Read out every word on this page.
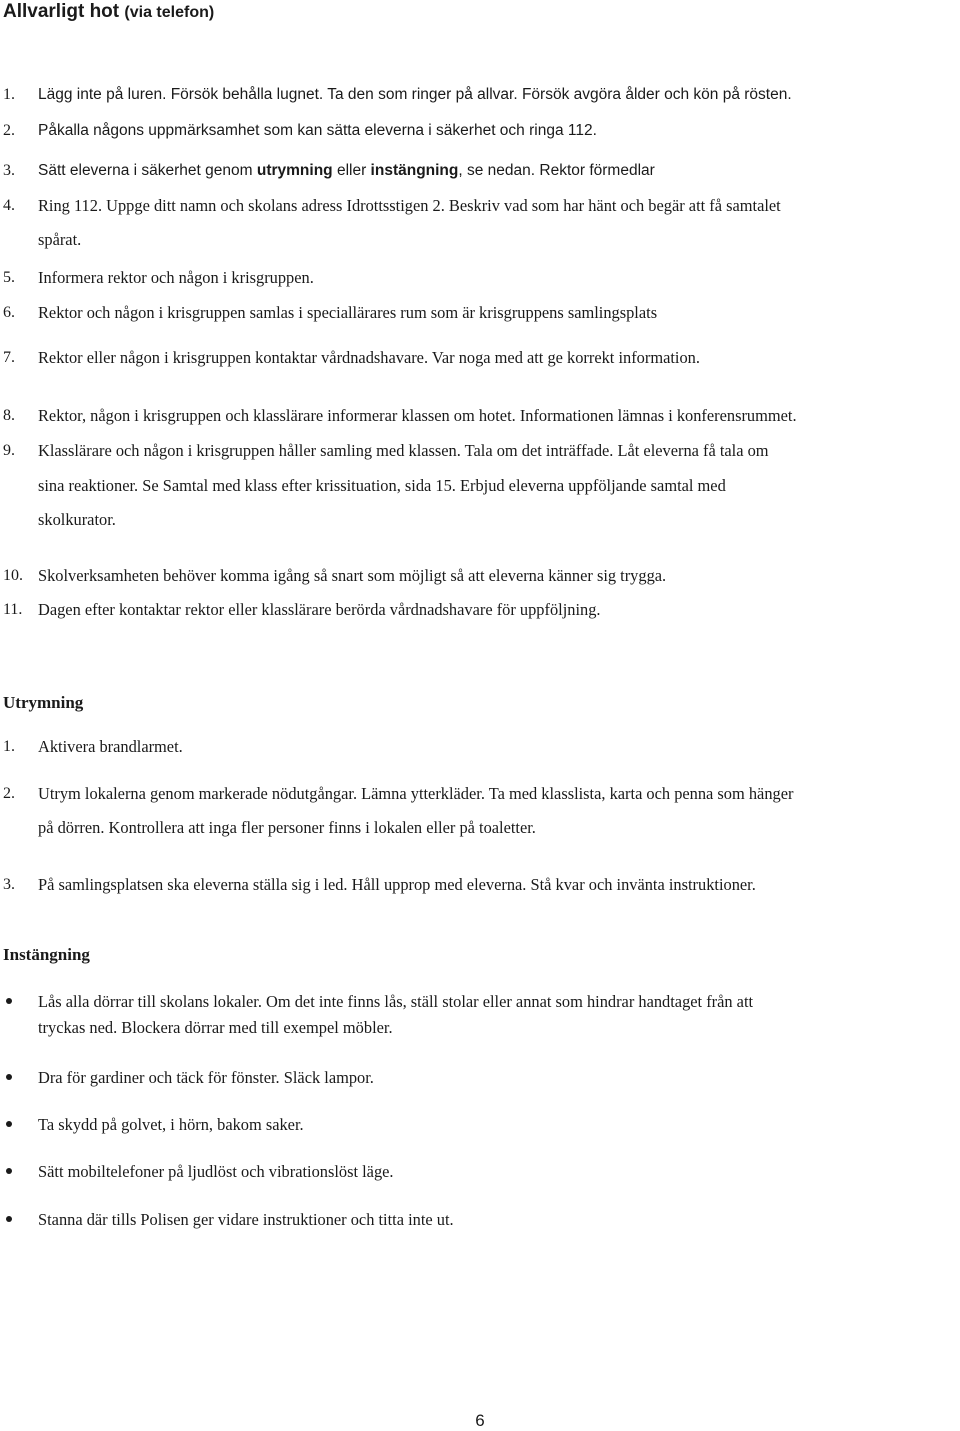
Allvarligt hot (via telefon)
1. Lägg inte på luren. Försök behålla lugnet. Ta den som ringer på allvar. Försök avgöra ålder och kön på rösten.
2. Påkalla någons uppmärksamhet som kan sätta eleverna i säkerhet och ringa 112.
3. Sätt eleverna i säkerhet genom utrymning eller instängning, se nedan. Rektor förmedlar
4. Ring 112. Uppge ditt namn och skolans adress Idrottsstigen 2. Beskriv vad som har hänt och begär att få samtalet
spårat.
5. Informera rektor och någon i krisgruppen.
6. Rektor och någon i krisgruppen samlas i speciallärares rum som är krisgruppens samlingsplats
7. Rektor eller någon i krisgruppen kontaktar vårdnadshavare. Var noga med att ge korrekt information.
8. Rektor, någon i krisgruppen och klasslärare informerar klassen om hotet. Informationen lämnas i konferensrummet.
9. Klasslärare och någon i krisgruppen håller samling med klassen. Tala om det inträffade. Låt eleverna få tala om
sina reaktioner. Se Samtal med klass efter krissituation, sida 15. Erbjud eleverna uppföljande samtal med
skolkurator.
10. Skolverksamheten behöver komma igång så snart som möjligt så att eleverna känner sig trygga.
11. Dagen efter kontaktar rektor eller klasslärare berörda vårdnadshavare för uppföljning.
Utrymning
1. Aktivera brandlarmet.
2. Utrym lokalerna genom markerade nödutgångar. Lämna ytterkläder. Ta med klasslista, karta och penna som hänger
på dörren. Kontrollera att inga fler personer finns i lokalen eller på toaletter.
3. På samlingsplatsen ska eleverna ställa sig i led. Håll upprop med eleverna. Stå kvar och invänta instruktioner.
Instängning
Lås alla dörrar till skolans lokaler. Om det inte finns lås, ställ stolar eller annat som hindrar handtaget från att
tryckas ned. Blockera dörrar med till exempel möbler.
Dra för gardiner och täck för fönster. Släck lampor.
Ta skydd på golvet, i hörn, bakom saker.
Sätt mobiltelefoner på ljudlöst och vibrationslöst läge.
Stanna där tills Polisen ger vidare instruktioner och titta inte ut.
6
